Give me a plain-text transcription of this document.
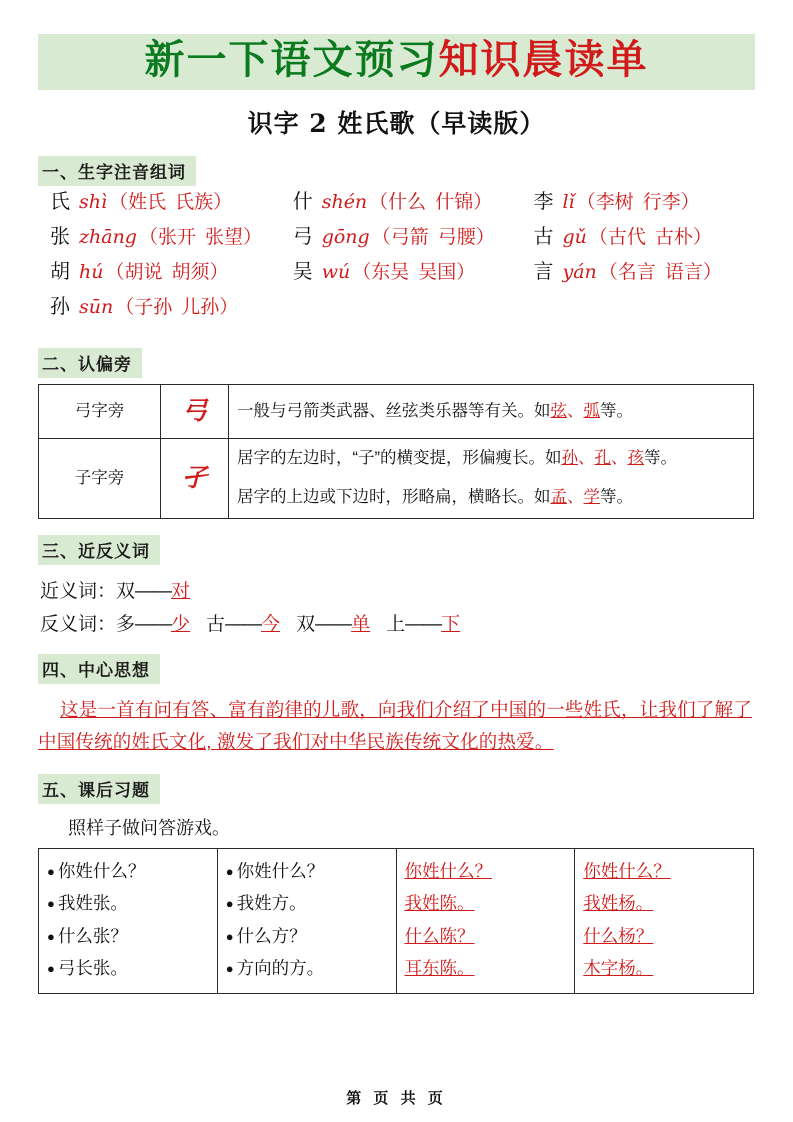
新一下语文预习知识晨读单
识字 2 姓氏歌（早读版）
一、生字注音组词
氏 shì （姓氏 氏族）	什 shén （什么 什锦） 李 lǐ （李树 行李）
张 zhāng （张开 张望） 弓 gōng （弓箭 弓腰） 古 gǔ （古代 古朴）
胡 hú （胡说 胡须）	吴 wú （东吴 吴国）	言 yán （名言 语言）
孙 sūn （子孙 儿孙）
二、认偏旁
弓字旁	弓	一般与弓箭类武器、丝弦类乐器等有关。如弦、弧等。
子字旁	孑	居字的左边时，“子”的横变提，形偏瘦长。如孙、孔、孩等。
		居字的上边或下边时，形略扁，横略长。如孟、学等。
三、近反义词
近义词：双——对
反义词：多——少 古——今 双——单 上——下
四、中心思想
这是一首有问有答、富有韵律的儿歌，向我们介绍了中国的一些姓氏，让我们了解了中国传统的姓氏文化, 激发了我们对中华民族传统文化的热爱。
五、课后习题
照样子做问答游戏。
● 你姓什么？
● 我姓张。
● 什么张？
● 弓长张。

● 你姓什么？
● 我姓方。
● 什么方？
● 方向的方。

你姓什么？
我姓陈。
什么陈？
耳东陈。

你姓什么？
我姓杨。
什么杨？
木字杨。
第 页 共 页
